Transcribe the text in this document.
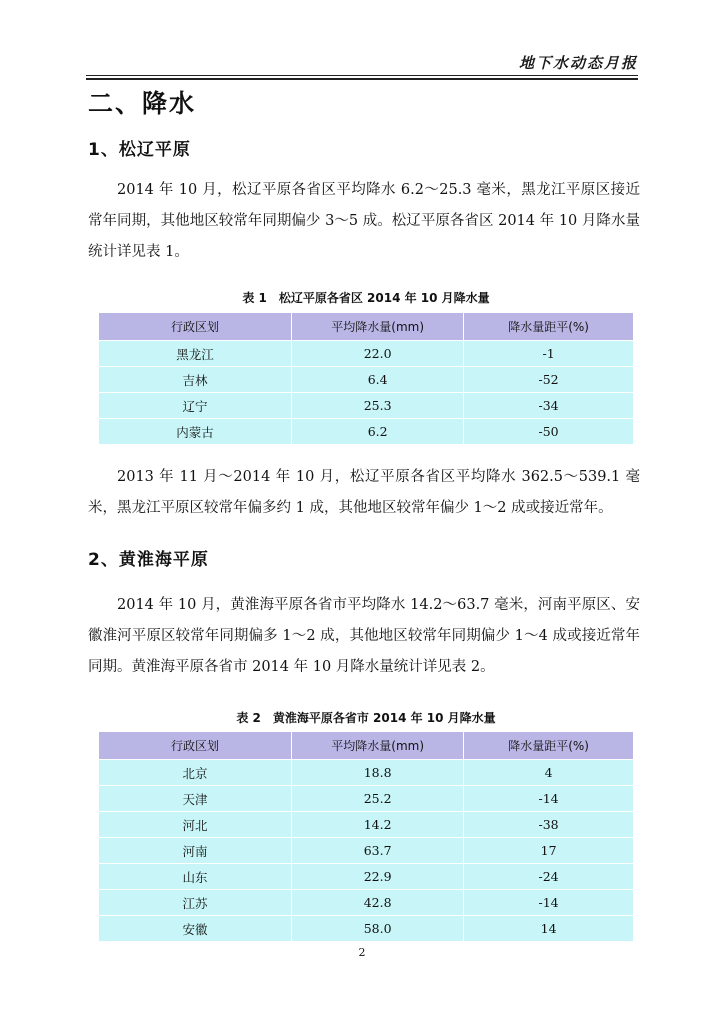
地下水动态月报
二、降水
1、松辽平原
2014 年 10 月，松辽平原各省区平均降水 6.2～25.3 毫米，黑龙江平原区接近常年同期，其他地区较常年同期偏少 3～5 成。松辽平原各省区 2014 年 10 月降水量统计详见表 1。
表 1　松辽平原各省区 2014 年 10 月降水量
行政区划	平均降水量(mm)	降水量距平(%)
黑龙江	22.0	-1
吉林	6.4	-52
辽宁	25.3	-34
内蒙古	6.2	-50
2013 年 11 月～2014 年 10 月，松辽平原各省区平均降水 362.5～539.1 毫米，黑龙江平原区较常年偏多约 1 成，其他地区较常年偏少 1～2 成或接近常年。
2、黄淮海平原
2014 年 10 月，黄淮海平原各省市平均降水 14.2～63.7 毫米，河南平原区、安徽淮河平原区较常年同期偏多 1～2 成，其他地区较常年同期偏少 1～4 成或接近常年同期。黄淮海平原各省市 2014 年 10 月降水量统计详见表 2。
表 2　黄淮海平原各省市 2014 年 10 月降水量
行政区划	平均降水量(mm)	降水量距平(%)
北京	18.8	4
天津	25.2	-14
河北	14.2	-38
河南	63.7	17
山东	22.9	-24
江苏	42.8	-14
安徽	58.0	14
2
